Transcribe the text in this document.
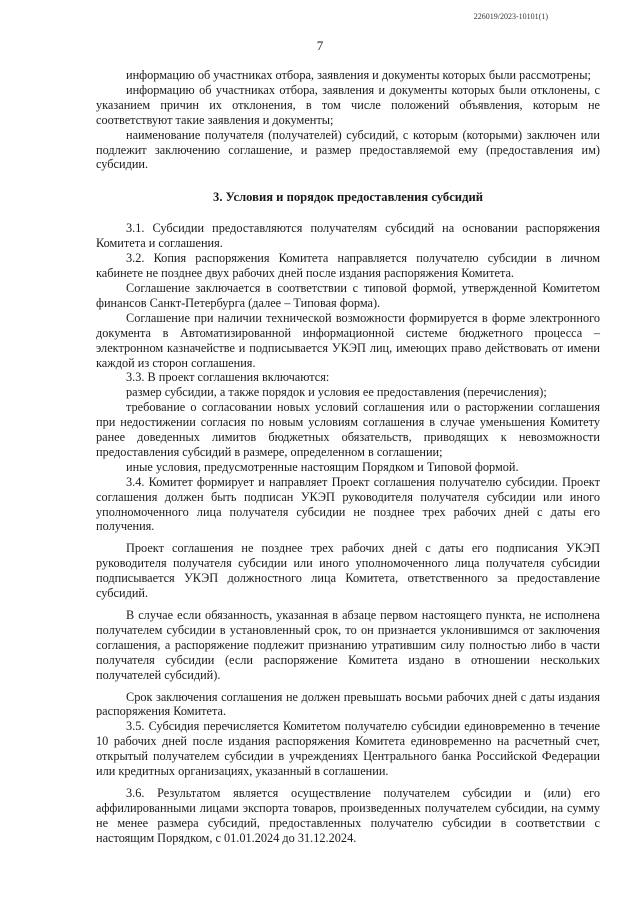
226019/2023-10101(1)
7

информацию об участниках отбора, заявления и документы которых были рассмотрены;

информацию об участниках отбора, заявления и документы которых были отклонены, с указанием причин их отклонения, в том числе положений объявления, которым не соответствуют такие заявления и документы;

наименование получателя (получателей) субсидий, с которым (которыми) заключен или подлежит заключению соглашение, и размер предоставляемой ему (предоставления им) субсидии.

3. Условия и порядок предоставления субсидий

3.1. Субсидии предоставляются получателям субсидий на основании распоряжения Комитета и соглашения.

3.2. Копия распоряжения Комитета направляется получателю субсидии в личном кабинете не позднее двух рабочих дней после издания распоряжения Комитета.

Соглашение заключается в соответствии с типовой формой, утвержденной Комитетом финансов Санкт-Петербурга (далее – Типовая форма).

Соглашение при наличии технической возможности формируется в форме электронного документа в Автоматизированной информационной системе бюджетного процесса – электронном казначействе и подписывается УКЭП лиц, имеющих право действовать от имени каждой из сторон соглашения.

3.3. В проект соглашения включаются:

размер субсидии, а также порядок и условия ее предоставления (перечисления);

требование о согласовании новых условий соглашения или о расторжении соглашения при недостижении согласия по новым условиям соглашения в случае уменьшения Комитету ранее доведенных лимитов бюджетных обязательств, приводящих к невозможности предоставления субсидий в размере, определенном в соглашении;

иные условия, предусмотренные настоящим Порядком и Типовой формой.

3.4. Комитет формирует и направляет Проект соглашения получателю субсидии. Проект соглашения должен быть подписан УКЭП руководителя получателя субсидии или иного уполномоченного лица получателя субсидии не позднее трех рабочих дней с даты его получения.

Проект соглашения не позднее трех рабочих дней с даты его подписания УКЭП руководителя получателя субсидии или иного уполномоченного лица получателя субсидии подписывается УКЭП должностного лица Комитета, ответственного за предоставление субсидий.

В случае если обязанность, указанная в абзаце первом настоящего пункта, не исполнена получателем субсидии в установленный срок, то он признается уклонившимся от заключения соглашения, а распоряжение подлежит признанию утратившим силу полностью либо в части получателя субсидии (если распоряжение Комитета издано в отношении нескольких получателей субсидий).

Срок заключения соглашения не должен превышать восьми рабочих дней с даты издания распоряжения Комитета.

3.5. Субсидия перечисляется Комитетом получателю субсидии единовременно в течение 10 рабочих дней после издания распоряжения Комитета единовременно на расчетный счет, открытый получателем субсидии в учреждениях Центрального банка Российской Федерации или кредитных организациях, указанный в соглашении.

3.6. Результатом является осуществление получателем субсидии и (или) его аффилированными лицами экспорта товаров, произведенных получателем субсидии, на сумму не менее размера субсидий, предоставленных получателю субсидии в соответствии с настоящим Порядком, с 01.01.2024 до 31.12.2024.
